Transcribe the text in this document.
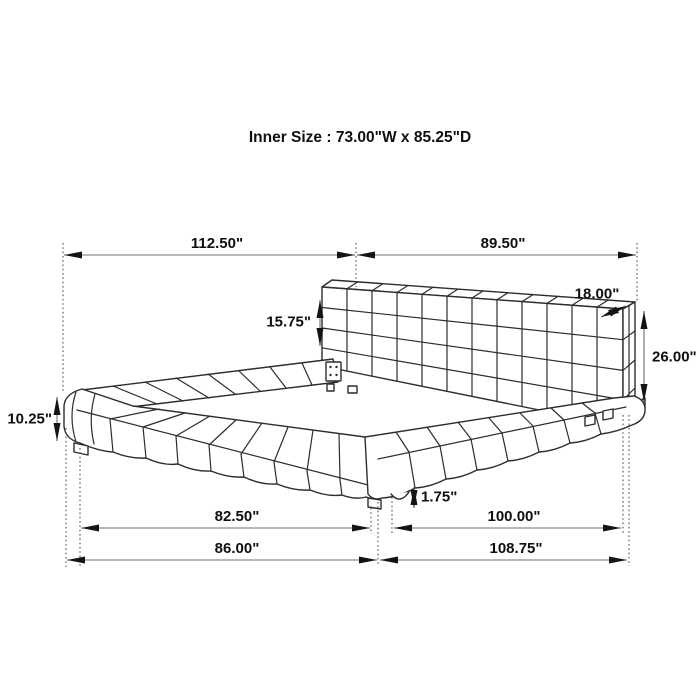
Inner Size : 73.00"W x 85.25"D
112.50"	89.50"
18.00"
15.75"
26.00"
10.25"
1.75"
82.50"	100.00"
86.00"	108.75"
